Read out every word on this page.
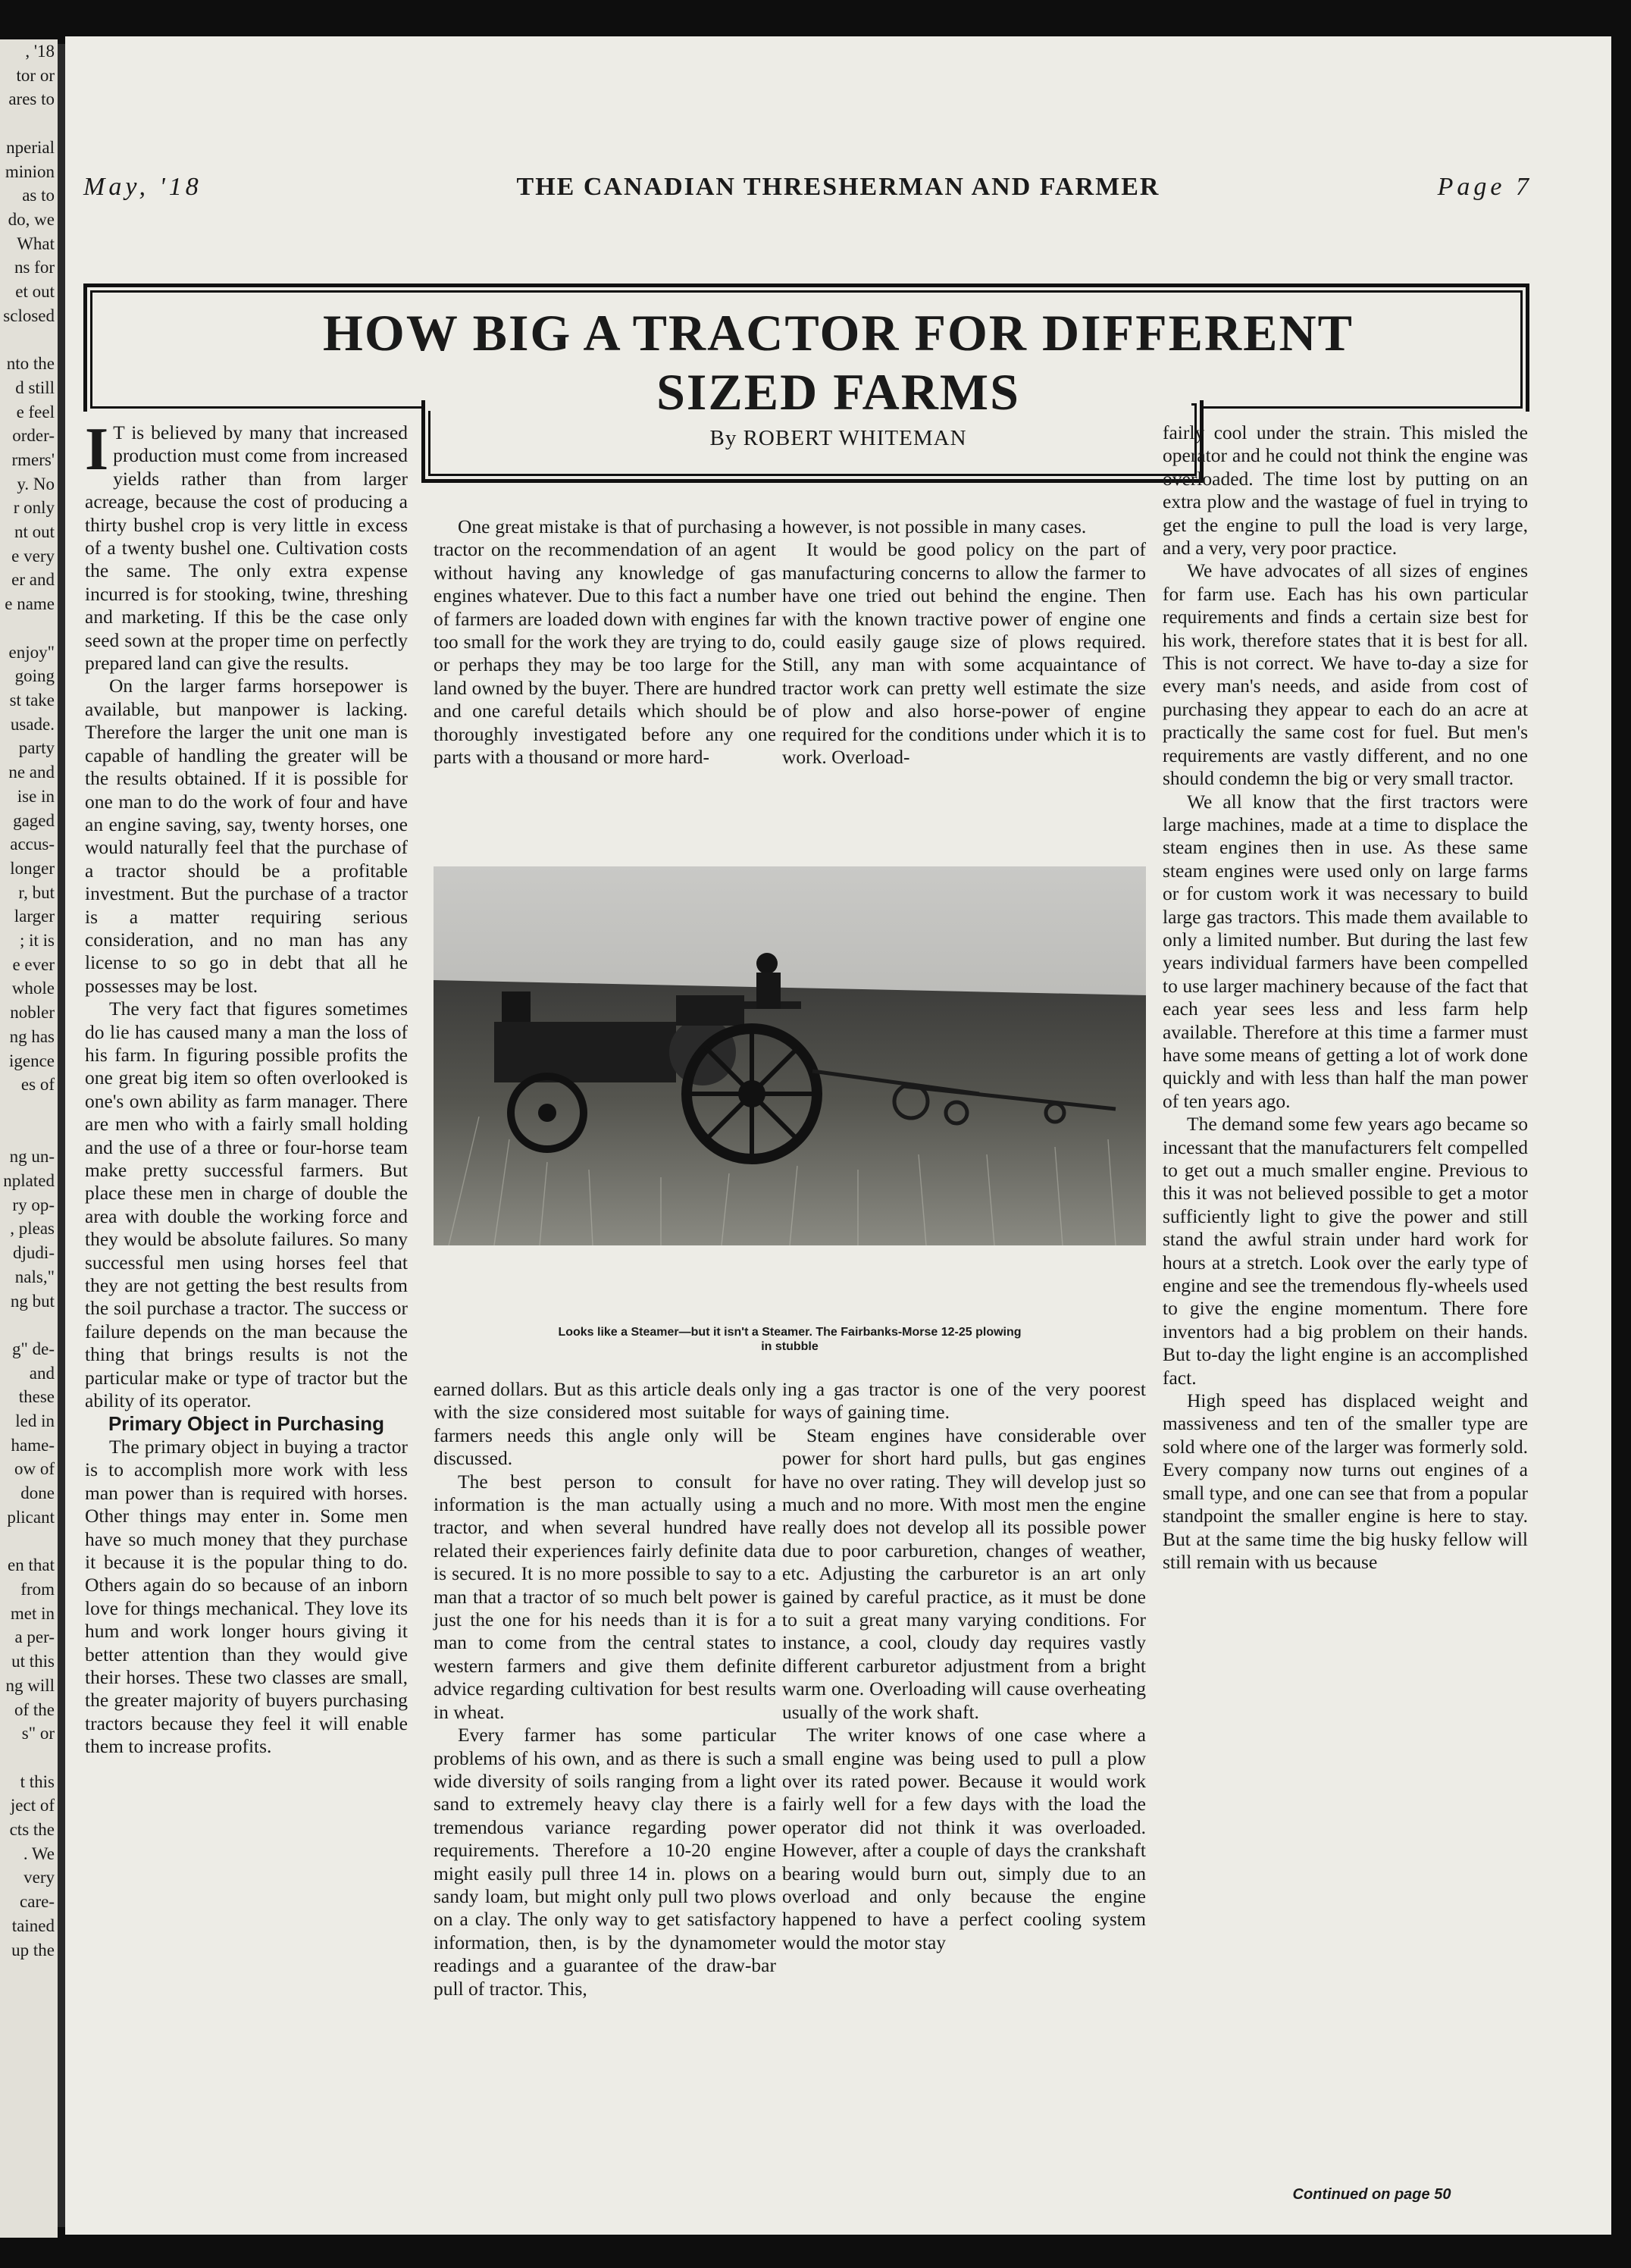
, '18

tor or

ares to

nperial

minion

as to

do, we

What

ns for

et out

sclosed

nto the

d still

e feel

order-

rmers'

y. No

r only

nt out

e very

er and

e name

enjoy"

going

st take

usade.

party

ne and

ise in

gaged

accus-

longer

r, but

larger

; it is

e ever

whole

nobler

ng has

igence

es of

ng un-

nplated

ry op-

, pleas

djudi-

nals,"

ng but

g" de-

and

these

led in

hame-

ow of

done

plicant

en that

from

met in

a per-

ut this

ng will

of the

s" or

t this

ject of

cts the

. We

very

care-

tained

up the

May, '18	THE CANADIAN THRESHERMAN AND FARMER	Page 7
HOW BIG A TRACTOR FOR DIFFERENT
SIZED FARMS
By ROBERT WHITEMAN

I T is believed by many that increased production must come from increased yields rather than from larger acreage, because the cost of producing a thirty bushel crop is very little in excess of a twenty bushel one. Cultivation costs the same. The only extra expense incurred is for stooking, twine, threshing and marketing. If this be the case only seed sown at the proper time on perfectly prepared land can give the results.

On the larger farms horsepower is available, but manpower is lacking. Therefore the larger the unit one man is capable of handling the greater will be the results obtained. If it is possible for one man to do the work of four and have an engine saving, say, twenty horses, one would naturally feel that the purchase of a tractor should be a profitable investment. But the purchase of a tractor is a matter requiring serious consideration, and no man has any license to so go in debt that all he possesses may be lost.

The very fact that figures sometimes do lie has caused many a man the loss of his farm. In figuring possible profits the one great big item so often overlooked is one's own ability as farm manager. There are men who with a fairly small holding and the use of a three or four-horse team make pretty successful farmers. But place these men in charge of double the area with double the working force and they would be absolute failures. So many successful men using horses feel that they are not getting the best results from the soil purchase a tractor. The success or failure depends on the man because the thing that brings results is not the particular make or type of tractor but the ability of its operator.

Primary Object in Purchasing

The primary object in buying a tractor is to accomplish more work with less man power than is required with horses. Other things may enter in. Some men have so much money that they purchase it because it is the popular thing to do. Others again do so because of an inborn love for things mechanical. They love its hum and work longer hours giving it better attention than they would give their horses. These two classes are small, the greater majority of buyers purchasing tractors because they feel it will enable them to increase profits.

One great mistake is that of purchasing a tractor on the recommendation of an agent without having any knowledge of gas engines whatever. Due to this fact a number of farmers are loaded down with engines far too small for the work they are trying to do, or perhaps they may be too large for the land owned by the buyer. There are hundred and one careful details which should be thoroughly investigated before any one parts with a thousand or more hard-

however, is not possible in many cases.

It would be good policy on the part of manufacturing concerns to allow the farmer to have one tried out behind the engine. Then with the known tractive power of engine one could easily gauge size of plows required. Still, any man with some acquaintance of tractor work can pretty well estimate the size of plow and also horse-power of engine required for the conditions under which it is to work. Overload-

Looks like a Steamer—but it isn't a Steamer. The Fairbanks-Morse 12-25 plowing
in stubble

earned dollars. But as this article deals only with the size considered most suitable for farmers needs this angle only will be discussed.

The best person to consult for information is the man actually using a tractor, and when several hundred have related their experiences fairly definite data is secured. It is no more possible to say to a man that a tractor of so much belt power is just the one for his needs than it is for a man to come from the central states to western farmers and give them definite advice regarding cultivation for best results in wheat.

Every farmer has some particular problems of his own, and as there is such a wide diversity of soils ranging from a light sand to extremely heavy clay there is a tremendous variance regarding power requirements. Therefore a 10-20 engine might easily pull three 14 in. plows on a sandy loam, but might only pull two plows on a clay. The only way to get satisfactory information, then, is by the dynamometer readings and a guarantee of the draw-bar pull of tractor. This,

ing a gas tractor is one of the very poorest ways of gaining time.

Steam engines have considerable over power for short hard pulls, but gas engines have no over rating. They will develop just so much and no more. With most men the engine really does not develop all its possible power due to poor carburetion, changes of weather, etc. Adjusting the carburetor is an art only gained by careful practice, as it must be done to suit a great many varying conditions. For instance, a cool, cloudy day requires vastly different carburetor adjustment from a bright warm one. Overloading will cause overheating usually of the work shaft.

The writer knows of one case where a small engine was being used to pull a plow over its rated power. Because it would work fairly well for a few days with the load the operator did not think it was overloaded. However, after a couple of days the crankshaft bearing would burn out, simply due to an overload and only because the engine happened to have a perfect cooling system would the motor stay

fairly cool under the strain. This misled the operator and he could not think the engine was overloaded. The time lost by putting on an extra plow and the wastage of fuel in trying to get the engine to pull the load is very large, and a very, very poor practice.

We have advocates of all sizes of engines for farm use. Each has his own particular requirements and finds a certain size best for his work, therefore states that it is best for all. This is not correct. We have to-day a size for every man's needs, and aside from cost of purchasing they appear to each do an acre at practically the same cost for fuel. But men's requirements are vastly different, and no one should condemn the big or very small tractor.

We all know that the first tractors were large machines, made at a time to displace the steam engines then in use. As these same steam engines were used only on large farms or for custom work it was necessary to build large gas tractors. This made them available to only a limited number. But during the last few years individual farmers have been compelled to use larger machinery because of the fact that each year sees less and less farm help available. Therefore at this time a farmer must have some means of getting a lot of work done quickly and with less than half the man power of ten years ago.

The demand some few years ago became so incessant that the manufacturers felt compelled to get out a much smaller engine. Previous to this it was not believed possible to get a motor sufficiently light to give the power and still stand the awful strain under hard work for hours at a stretch. Look over the early type of engine and see the tremendous fly-wheels used to give the engine momentum. There fore inventors had a big problem on their hands. But to-day the light engine is an accomplished fact.

High speed has displaced weight and massiveness and ten of the smaller type are sold where one of the larger was formerly sold. Every company now turns out engines of a small type, and one can see that from a popular standpoint the smaller engine is here to stay. But at the same time the big husky fellow will still remain with us because

Continued on page 50
